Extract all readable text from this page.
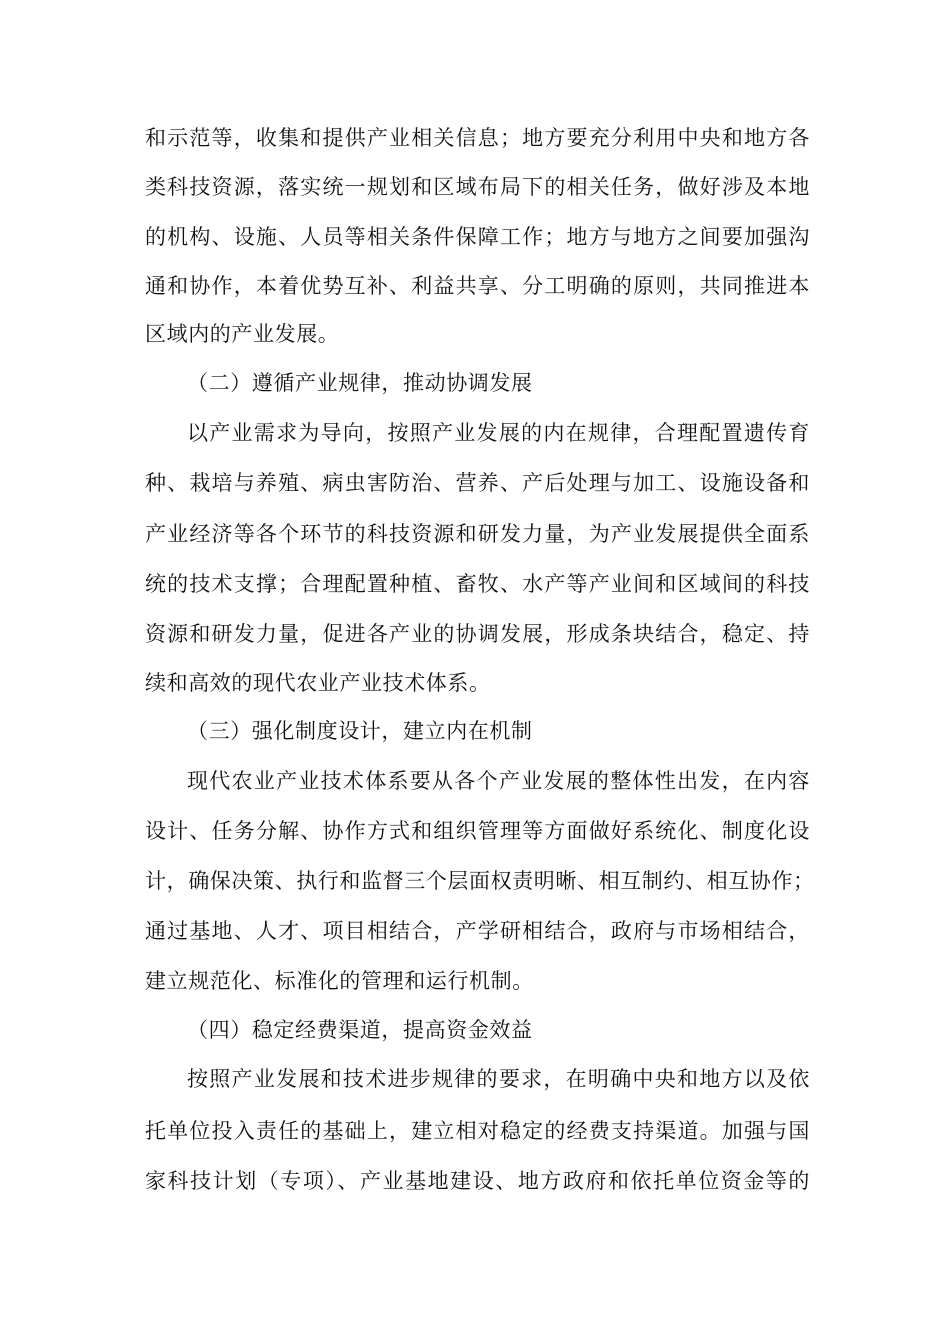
和示范等，收集和提供产业相关信息；地方要充分利用中央和地方各
类科技资源，落实统一规划和区域布局下的相关任务，做好涉及本地
的机构、设施、人员等相关条件保障工作；地方与地方之间要加强沟
通和协作，本着优势互补、利益共享、分工明确的原则，共同推进本
区域内的产业发展。
（二）遵循产业规律，推动协调发展
以产业需求为导向，按照产业发展的内在规律，合理配置遗传育
种、栽培与养殖、病虫害防治、营养、产后处理与加工、设施设备和
产业经济等各个环节的科技资源和研发力量，为产业发展提供全面系
统的技术支撑；合理配置种植、畜牧、水产等产业间和区域间的科技
资源和研发力量，促进各产业的协调发展，形成条块结合，稳定、持
续和高效的现代农业产业技术体系。
（三）强化制度设计，建立内在机制
现代农业产业技术体系要从各个产业发展的整体性出发，在内容
设计、任务分解、协作方式和组织管理等方面做好系统化、制度化设
计，确保决策、执行和监督三个层面权责明晰、相互制约、相互协作；
通过基地、人才、项目相结合，产学研相结合，政府与市场相结合，
建立规范化、标准化的管理和运行机制。
（四）稳定经费渠道，提高资金效益
按照产业发展和技术进步规律的要求，在明确中央和地方以及依
托单位投入责任的基础上，建立相对稳定的经费支持渠道。加强与国
家科技计划（专项）、产业基地建设、地方政府和依托单位资金等的
